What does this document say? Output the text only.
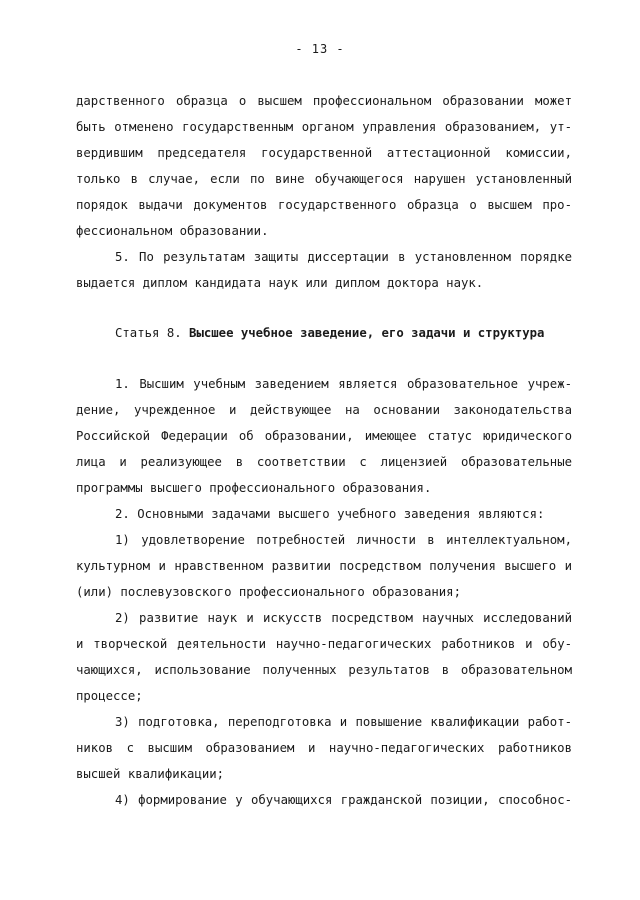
- 13 -
дарственного образца о высшем профессиональном образовании может
быть отменено государственным органом управления образованием, ут-
вердившим председателя государственной аттестационной комиссии,
только в случае, если по вине обучающегося нарушен установленный
порядок выдачи документов государственного образца о высшем про-
фессиональном образовании.
5. По результатам защиты диссертации в установленном порядке
выдается диплом кандидата наук или диплом доктора наук.
Статья 8. Высшее учебное заведение, его задачи и структура
1. Высшим учебным заведением является образовательное учреж-
дение, учрежденное и действующее на основании законодательства
Российской Федерации об образовании, имеющее статус юридического
лица и реализующее в соответствии с лицензией образовательные
программы высшего профессионального образования.
2. Основными задачами высшего учебного заведения являются:
1) удовлетворение потребностей личности в интеллектуальном,
культурном и нравственном развитии посредством получения высшего и
(или) послевузовского профессионального образования;
2) развитие наук и искусств посредством научных исследований
и творческой деятельности научно-педагогических работников и обу-
чающихся, использование полученных результатов в образовательном
процессе;
3) подготовка, переподготовка и повышение квалификации работ-
ников с высшим образованием и научно-педагогических работников
высшей квалификации;
4) формирование у обучающихся гражданской позиции, способнос-
